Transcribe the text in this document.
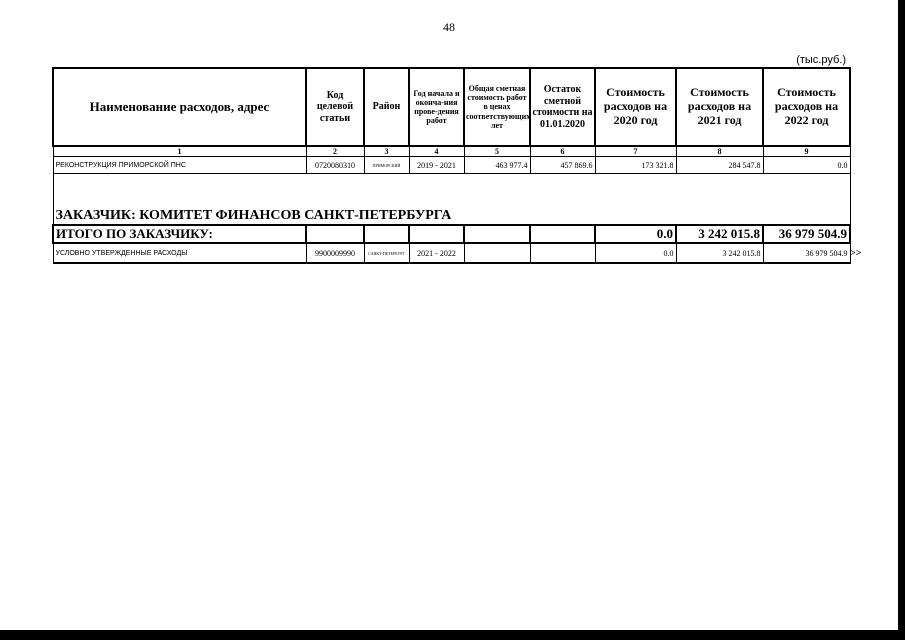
48
(тыс.руб.)
Наименование расходов, адрес	Код целевой статьи	Район	Год начала и оконча-ния прове-дения работ	Общая сметная стоимость работ в ценах соответствующих лет	Остаток сметной стоимости на 01.01.2020	Стоимость расходов на 2020 год	Стоимость расходов на 2021 год	Стоимость расходов на 2022 год
1	2	3	4	5	6	7	8	9
РЕКОНСТРУКЦИЯ ПРИМОРСКОЙ ПНС	0720080310	ПРИМОРСКИЙ	2019 - 2021	463 977.4	457 869.6	173 321.8	284 547.8	0.0
ЗАКАЗЧИК: КОМИТЕТ ФИНАНСОВ САНКТ-ПЕТЕРБУРГА								
ИТОГО ПО ЗАКАЗЧИКУ:						0.0	3 242 015.8	36 979 504.9
УСЛОВНО УТВЕРЖДЕННЫЕ РАСХОДЫ	9900009990	САНКТ-ПЕТЕРБУРГ	2021 - 2022			0.0	3 242 015.8	36 979 504.9 >>
